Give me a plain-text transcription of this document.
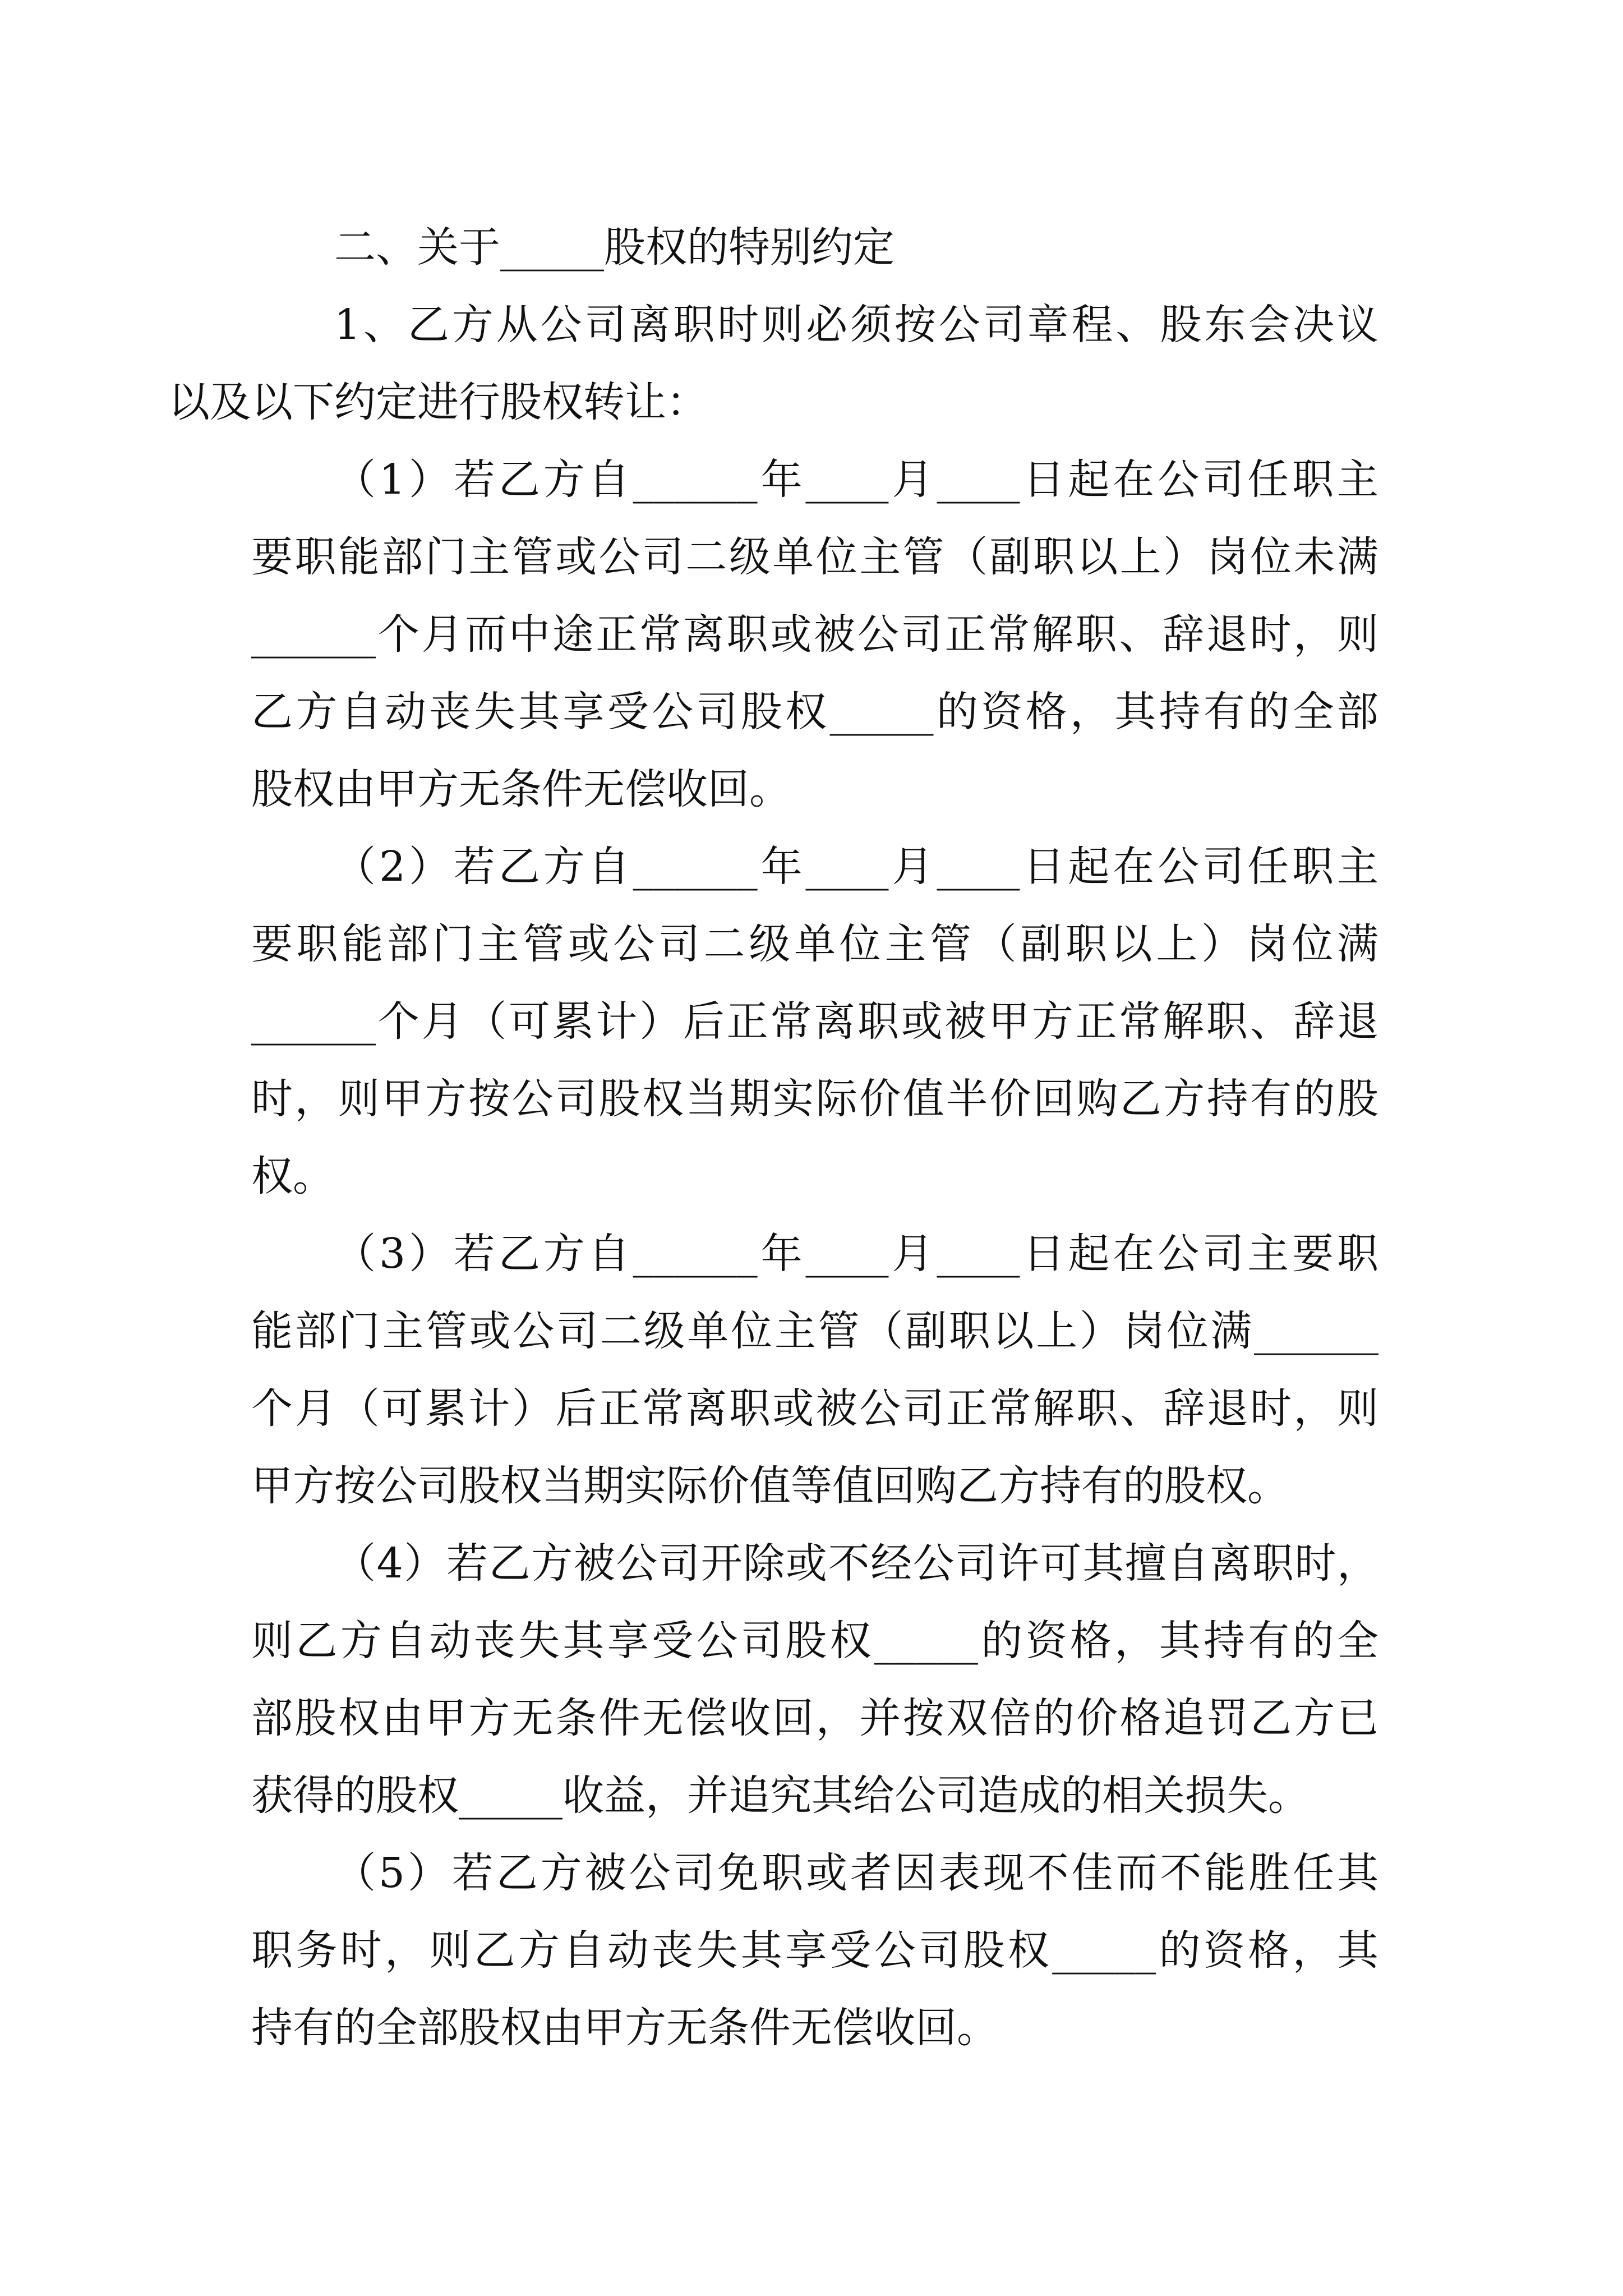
二、关于_____股权的特别约定
1、乙方从公司离职时则必须按公司章程、股东会决议
以及以下约定进行股权转让：
（1）若乙方自______年____月____日起在公司任职主
要职能部门主管或公司二级单位主管（副职以上）岗位未满
______个月而中途正常离职或被公司正常解职、辞退时，则
乙方自动丧失其享受公司股权_____的资格，其持有的全部
股权由甲方无条件无偿收回。
（2）若乙方自______年____月____日起在公司任职主
要职能部门主管或公司二级单位主管（副职以上）岗位满
______个月（可累计）后正常离职或被甲方正常解职、辞退
时，则甲方按公司股权当期实际价值半价回购乙方持有的股
权。
（3）若乙方自______年____月____日起在公司主要职
能部门主管或公司二级单位主管（副职以上）岗位满______
个月（可累计）后正常离职或被公司正常解职、辞退时，则
甲方按公司股权当期实际价值等值回购乙方持有的股权。
（4）若乙方被公司开除或不经公司许可其擅自离职时，
则乙方自动丧失其享受公司股权_____的资格，其持有的全
部股权由甲方无条件无偿收回，并按双倍的价格追罚乙方已
获得的股权_____收益，并追究其给公司造成的相关损失。
（5）若乙方被公司免职或者因表现不佳而不能胜任其
职务时，则乙方自动丧失其享受公司股权_____的资格，其
持有的全部股权由甲方无条件无偿收回。
